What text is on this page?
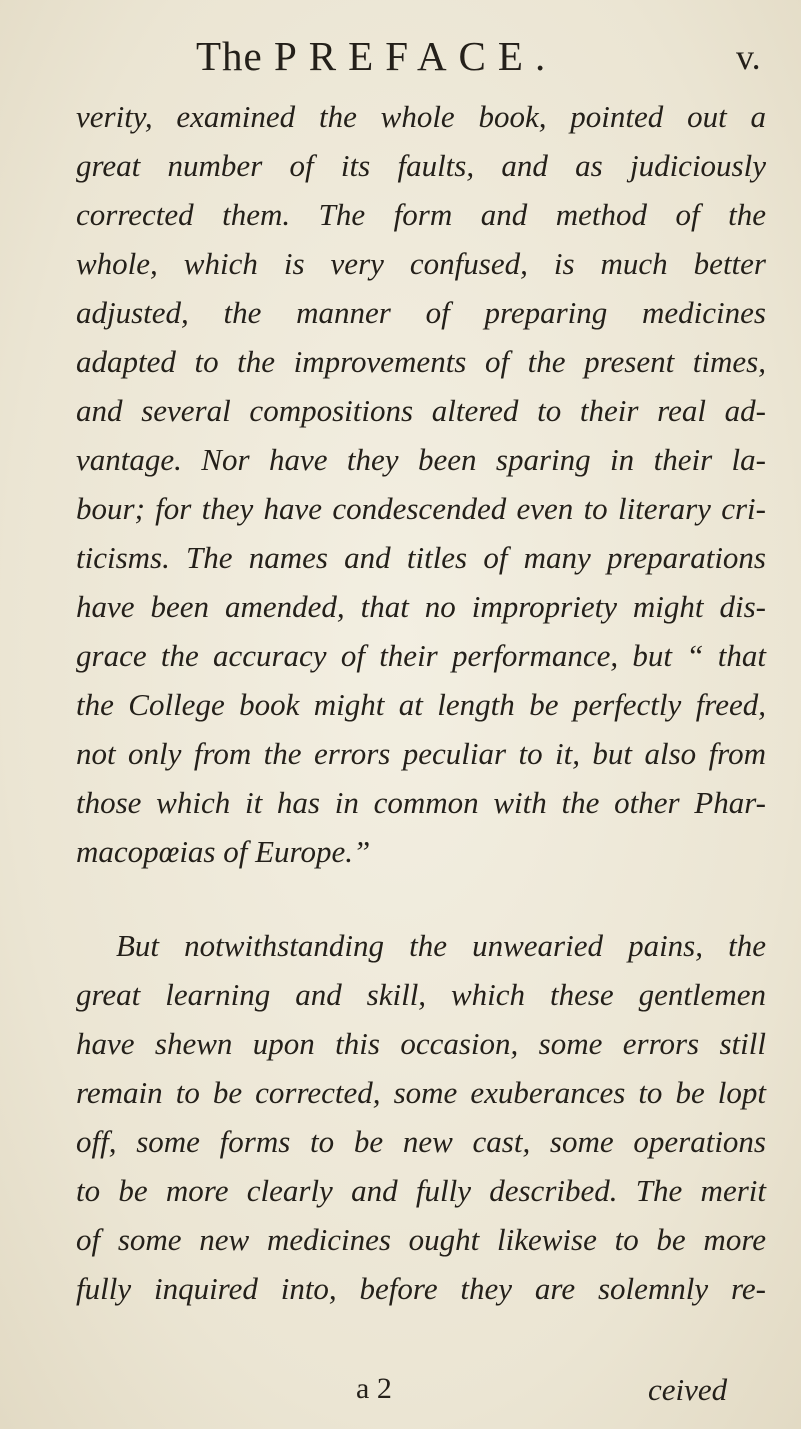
The PREFACE.	v.
verity, examined the whole book, pointed out a
great number of its faults, and as judiciously
corrected them. The form and method of the
whole, which is very confused, is much better
adjusted, the manner of preparing medicines
adapted to the improvements of the present times,
and several compositions altered to their real ad-
vantage. Nor have they been sparing in their la-
bour; for they have condescended even to literary cri-
ticisms. The names and titles of many preparations
have been amended, that no impropriety might dis-
grace the accuracy of their performance, but “ that
the College book might at length be perfectly freed,
not only from the errors peculiar to it, but also from
those which it has in common with the other Phar-
macopœias of Europe.”
But notwithstanding the unwearied pains, the
great learning and skill, which these gentlemen
have shewn upon this occasion, some errors still
remain to be corrected, some exuberances to be lopt
off, some forms to be new cast, some operations
to be more clearly and fully described. The merit
of some new medicines ought likewise to be more
fully inquired into, before they are solemnly re-
a 2	ceived
